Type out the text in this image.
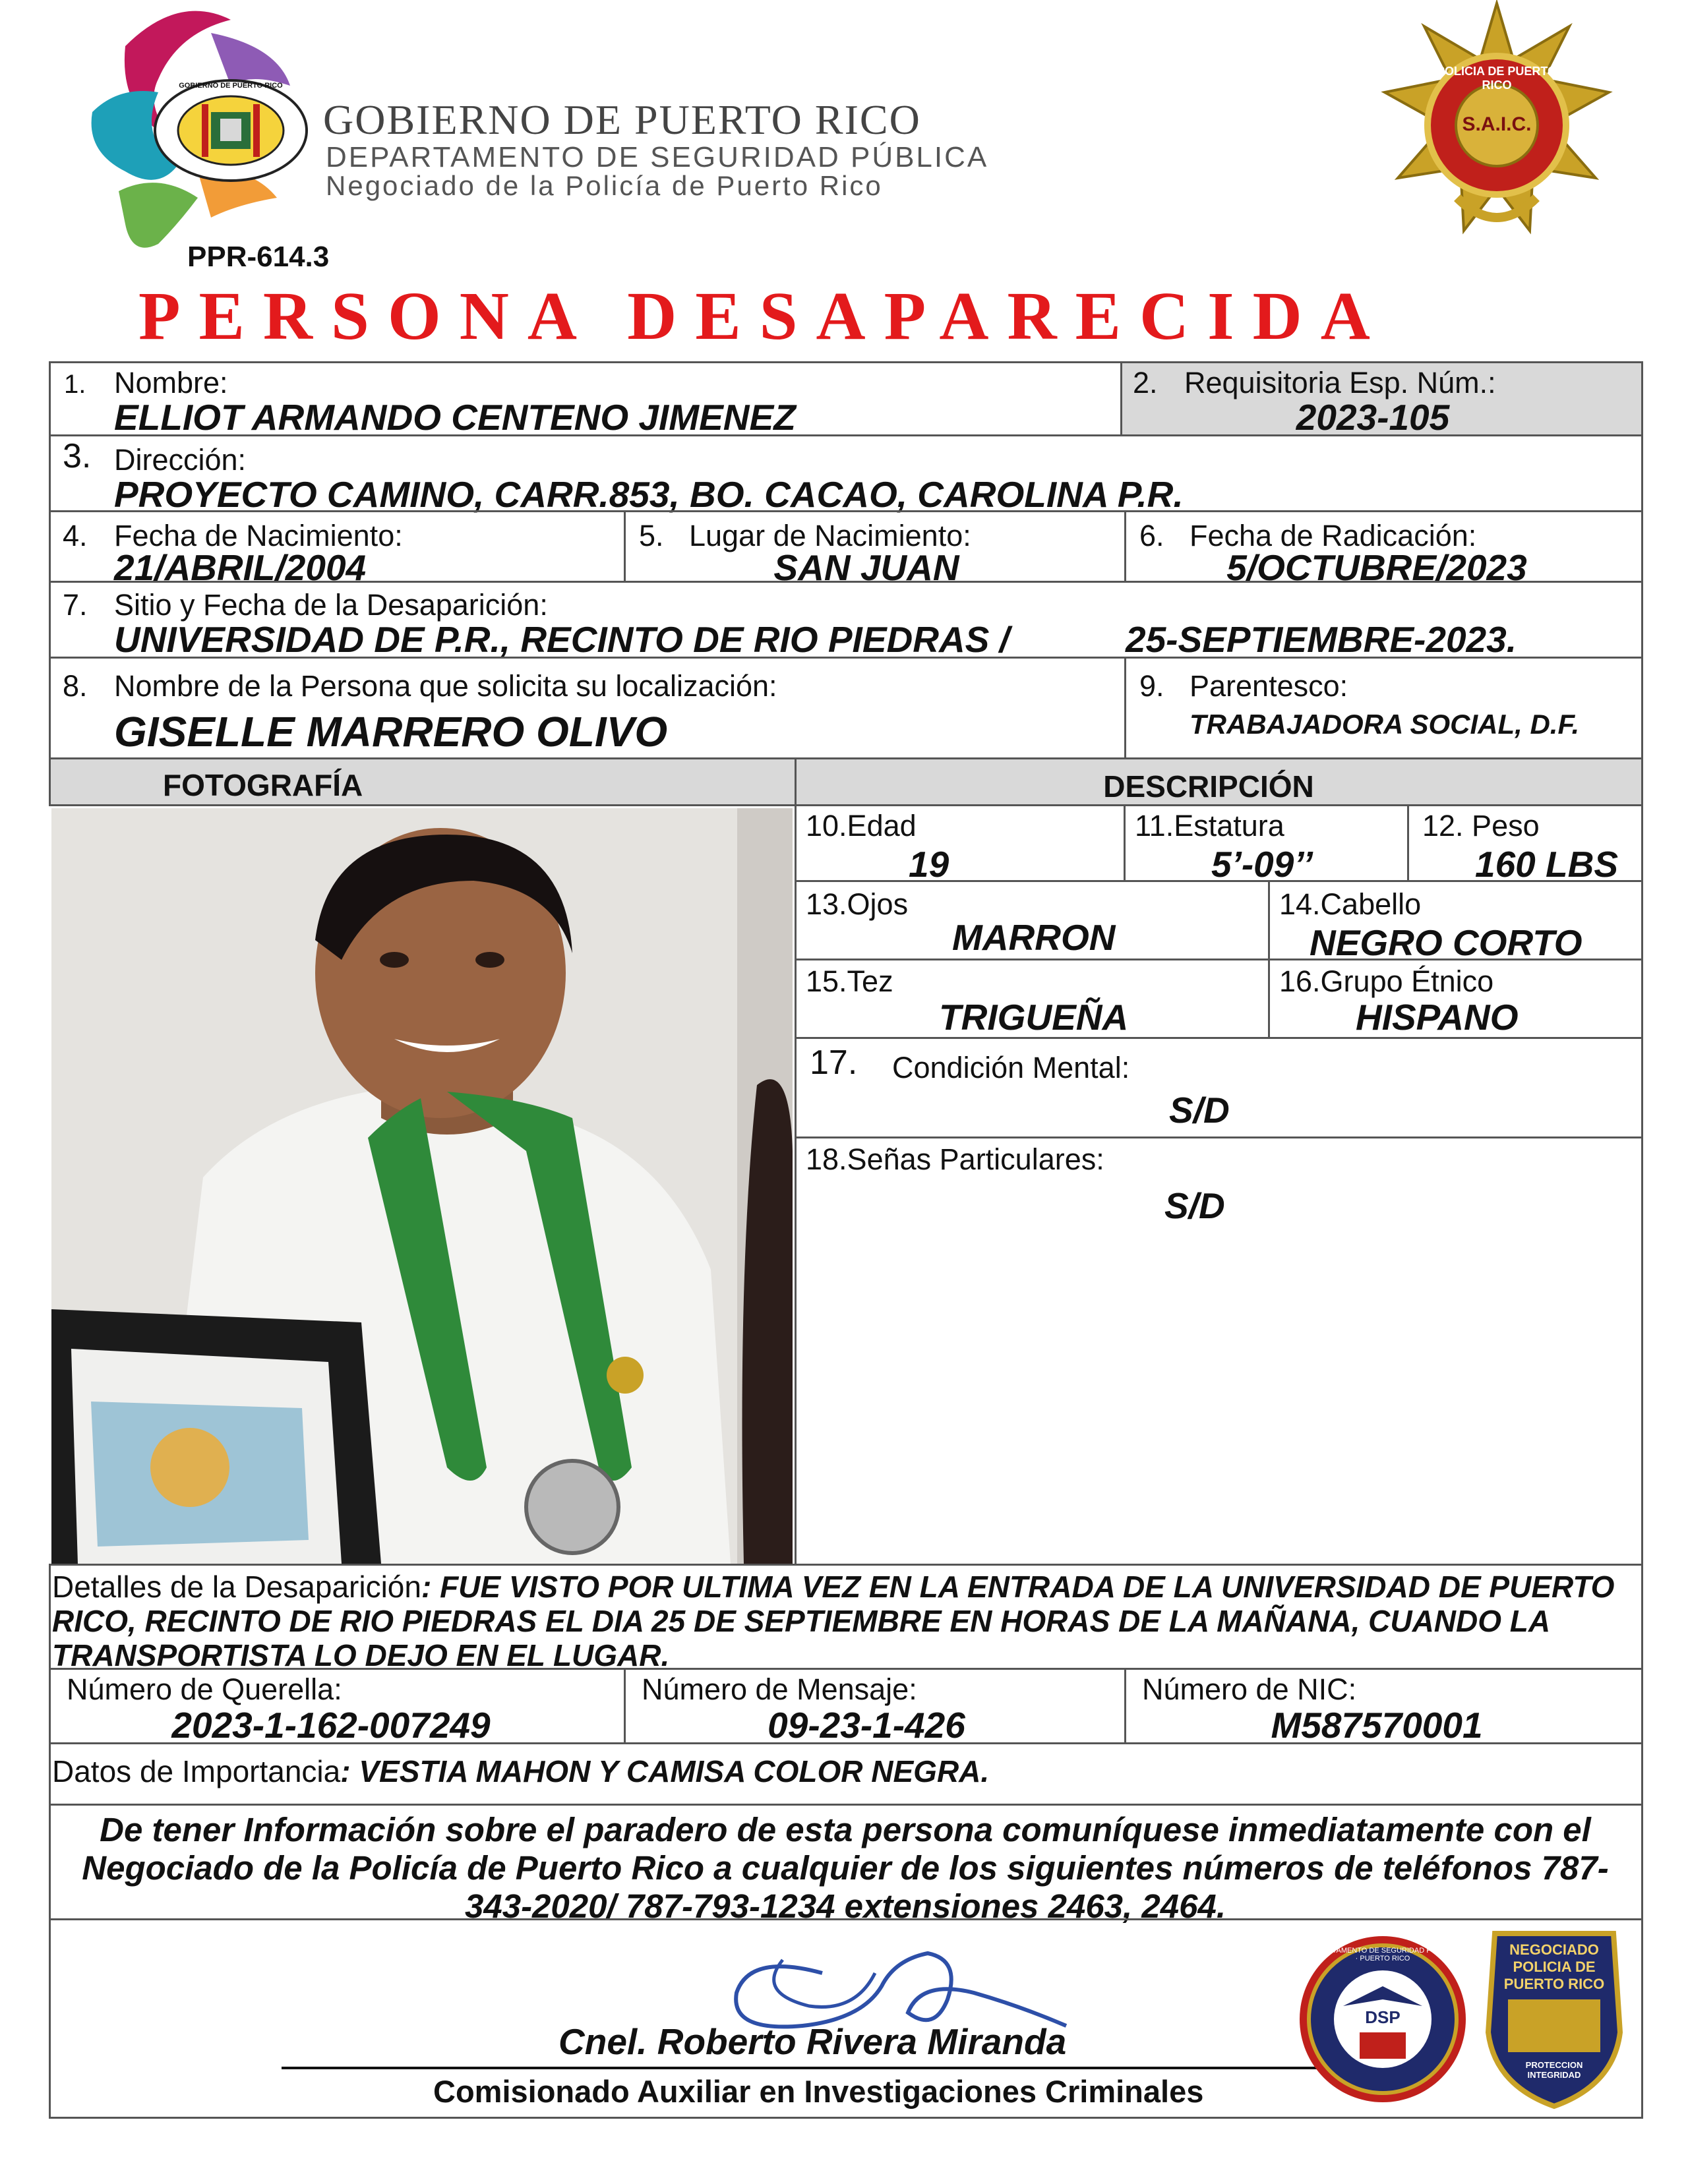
GOBIERNO DE PUERTO RICO
GOBIERNO DE PUERTO RICO
DEPARTAMENTO DE SEGURIDAD PÚBLICA
Negociado de la Policía de Puerto Rico
PPR-614.3
POLICIA DE PUERTO RICO
S.A.I.C.
PERSONA DESAPARECIDA
1. Nombre:
ELLIOT ARMANDO CENTENO JIMENEZ
2. Requisitoria Esp. Núm.:
2023-105
3. Dirección:
PROYECTO CAMINO, CARR.853, BO. CACAO, CAROLINA P.R.
4. Fecha de Nacimiento:
21/ABRIL/2004
5. Lugar de Nacimiento:
SAN JUAN
6. Fecha de Radicación:
5/OCTUBRE/2023
7. Sitio y Fecha de la Desaparición:
UNIVERSIDAD DE P.R., RECINTO DE RIO PIEDRAS /	25-SEPTIEMBRE-2023.
8. Nombre de la Persona que solicita su localización:
GISELLE MARRERO OLIVO
9. Parentesco:
TRABAJADORA SOCIAL, D.F.
FOTOGRAFÍA	DESCRIPCIÓN
10.Edad
19
11.Estatura
5’-09’’
12. Peso
160 LBS
13.Ojos
MARRON
14.Cabello
NEGRO CORTO
15.Tez
TRIGUEÑA
16.Grupo Étnico
HISPANO
17. Condición Mental:
S/D
18.Señas Particulares:
S/D
Detalles de la Desaparición: FUE VISTO POR ULTIMA VEZ EN LA ENTRADA DE LA UNIVERSIDAD DE PUERTO RICO, RECINTO DE RIO PIEDRAS EL DIA 25 DE SEPTIEMBRE EN HORAS DE LA MAÑANA, CUANDO LA TRANSPORTISTA LO DEJO EN EL LUGAR.
Número de Querella:
2023-1-162-007249
Número de Mensaje:
09-23-1-426
Número de NIC:
M587570001
Datos de Importancia: VESTIA MAHON Y CAMISA COLOR NEGRA.
De tener Información sobre el paradero de esta persona comuníquese inmediatamente con el Negociado de la Policía de Puerto Rico a cualquier de los siguientes números de teléfonos 787- 343-2020/ 787-793-1234 extensiones 2463, 2464.
Cnel. Roberto Rivera Miranda
Comisionado Auxiliar en Investigaciones Criminales
DSP
NEGOCIADO POLICIA DE PUERTO RICO
PROTECCION INTEGRIDAD
DEPARTAMENTO DE SEGURIDAD PÚBLICA · PUERTO RICO
